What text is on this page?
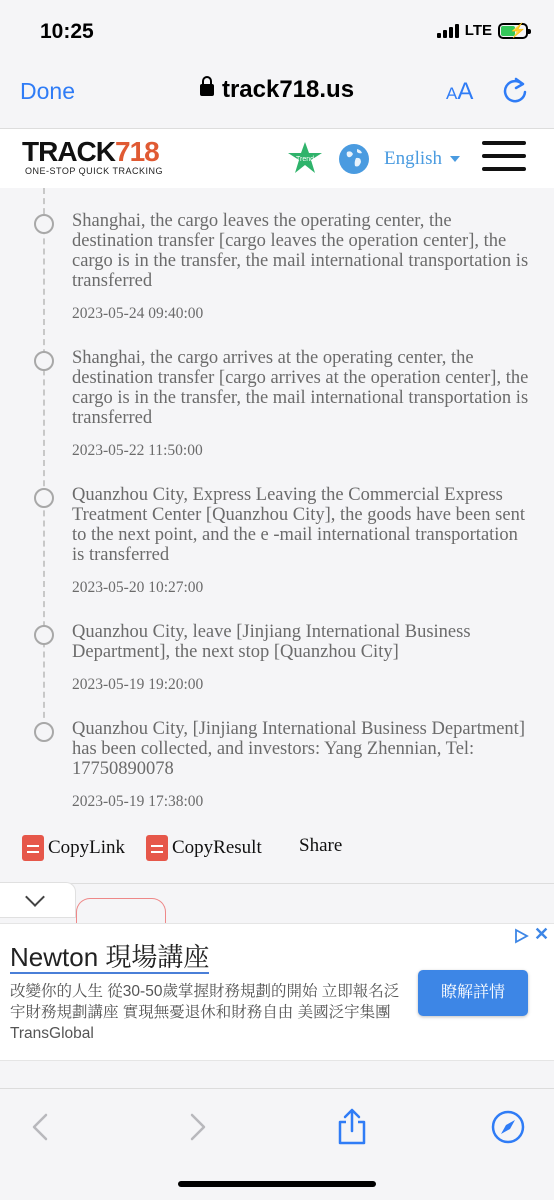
10:25	LTE ⚡
Done	track718.us	AA
TRACK718
ONE-STOP QUICK TRACKING
Trend	English
Shanghai, the cargo leaves the operating center, the destination transfer [cargo leaves the operation center], the cargo is in the transfer, the mail international transportation is transferred
2023-05-24 09:40:00
Shanghai, the cargo arrives at the operating center, the destination transfer [cargo arrives at the operation center], the cargo is in the transfer, the mail international transportation is transferred
2023-05-22 11:50:00
Quanzhou City, Express Leaving the Commercial Express Treatment Center [Quanzhou City], the goods have been sent to the next point, and the e -mail international transportation is transferred
2023-05-20 10:27:00
Quanzhou City, leave [Jinjiang International Business Department], the next stop [Quanzhou City]
2023-05-19 19:20:00
Quanzhou City, [Jinjiang International Business Department] has been collected, and investors: Yang Zhennian, Tel: 17750890078
2023-05-19 17:38:00
CopyLink CopyResult Share
✕
Newton 現場講座
改變你的人生 從30-50歲掌握財務規劃的開始 立即報名泛宇財務規劃講座 實現無憂退休和財務自由 美國泛宇集團TransGlobal
瞭解詳情
